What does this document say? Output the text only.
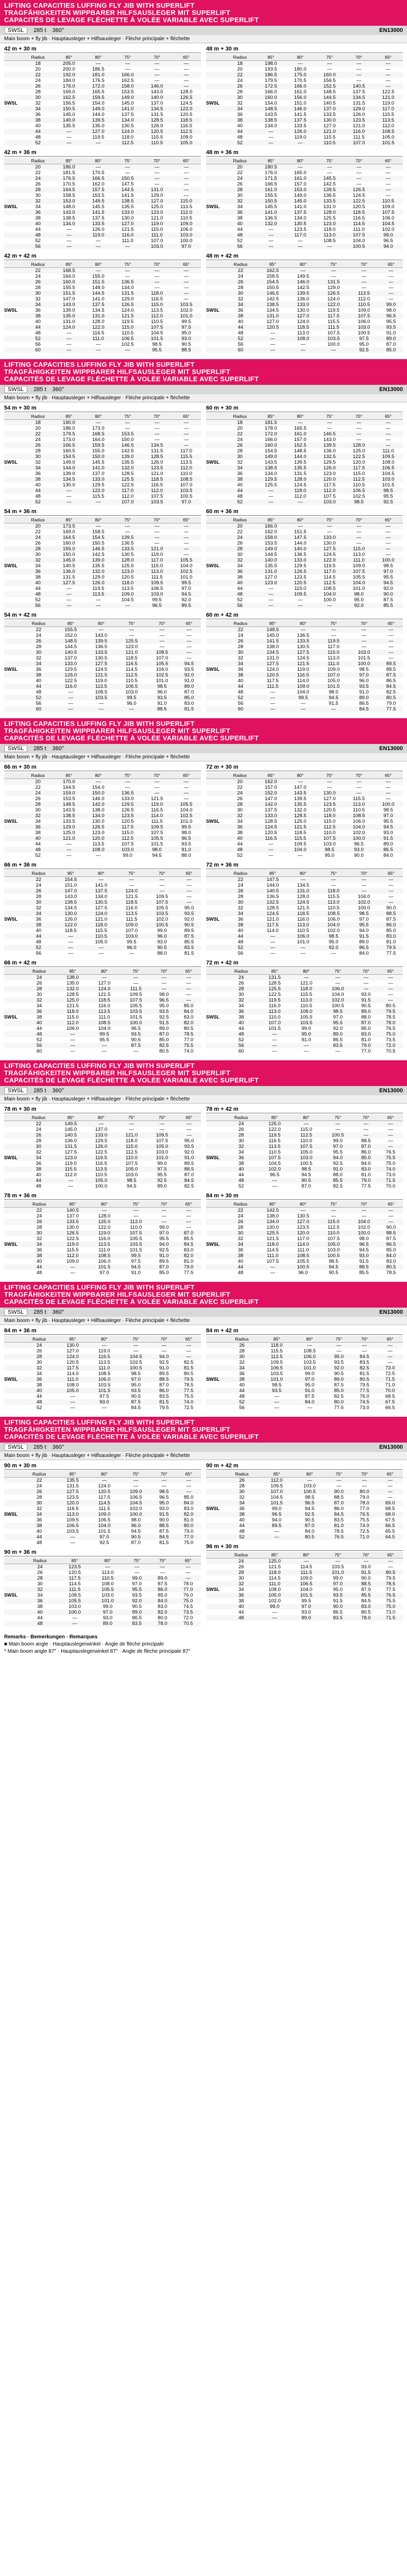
LIFTING CAPACITIES LUFFING FLY JIB WITH SUPERLIFT
TRAGFÄHIGKEITEN WIPPBARER HILFSAUSLEGER MIT SUPERLIFT
CAPACITÉS DE LEVAGE FLÉCHETTE À VOLÉE VARIABLE AVEC SUPERLIFT
SWSL	285 t 360°	EN13000
Main boom + fly jib · Hauptausleger + Hilfsausleger · Flèche principale + fléchette
42 m + 30 m
	Radius	85°	80°	75°	70°	65°
	18	205.0	—	—	—	—
	20	200.0	186.5	—	—	—
	22	192.0	181.0	166.0	—	—
	24	184.0	176.5	162.5	—	—
	26	176.0	172.0	158.0	146.0	—
	28	169.0	165.5	153.5	143.0	128.0
	30	162.5	159.5	149.0	140.0	126.5
SWSL	32	156.5	154.0	145.0	137.0	124.5
	34	150.5	149.0	141.0	134.5	122.0
	36	145.0	144.0	137.5	131.5	120.5
	38	140.0	139.5	134.0	128.5	118.5
	40	135.5	135.0	130.5	126.0	116.5
	44	—	127.0	124.0	120.5	112.5
	48	—	119.5	118.0	115.5	109.0
	52	—	—	112.5	110.5	105.0
42 m + 36 m
	Radius	85°	80°	75°	70°	65°
	20	186.0	—	—	—	—
	22	181.5	170.5	—	—	—
	24	176.5	166.5	150.5	—	—
	26	170.5	162.0	147.5	—	—
	28	164.5	157.5	144.5	131.0	—
	30	158.5	153.5	141.5	129.0	—
	32	153.0	149.5	138.5	127.0	115.0
SWSL	34	148.0	145.5	135.5	125.0	113.5
	36	143.0	141.5	133.0	123.0	112.0
	38	138.5	137.5	130.0	121.0	110.5
	40	134.0	133.5	127.0	119.0	109.0
	44	—	126.0	121.5	115.0	106.0
	48	—	119.0	116.0	111.0	103.0
	52	—	—	111.0	107.0	100.0
	56	—	—	—	103.0	97.0
42 m + 42 m
	Radius	85°	80°	75°	70°	65°
	22	168.5	—	—	—	—
	24	164.0	155.0	—	—	—
	26	160.0	151.5	136.5	—	—
	28	155.5	148.0	134.0	—	—
	30	151.5	144.5	131.5	118.0	—
	32	147.0	141.0	129.0	116.5	—
	34	143.0	137.5	126.5	115.0	103.5
SWSL	36	139.0	134.5	124.0	113.5	102.0
	38	135.0	131.0	121.5	112.0	101.0
	40	131.0	128.0	119.5	110.5	99.5
	44	124.0	122.0	115.0	107.5	97.5
	48	—	116.5	110.5	104.5	95.0
	52	—	111.0	106.5	101.5	93.0
	56	—	—	102.5	98.5	90.5
	60	—	—	—	95.5	88.5
48 m + 30 m
	Radius	85°	80°	75°	70°	65°
	18	198.0	—	—	—	—
	20	193.5	180.0	—	—	—
	22	186.5	175.0	160.0	—	—
	24	179.5	170.5	156.5	—	—
	26	172.5	166.0	152.5	140.5	—
	28	166.0	161.0	148.5	137.5	122.5
	30	160.0	156.0	144.5	134.5	121.0
SWSL	32	154.0	151.0	140.5	131.5	119.0
	34	148.5	146.0	137.0	129.0	117.0
	36	143.5	141.5	133.5	126.0	115.5
	38	138.5	137.5	130.0	123.5	113.5
	40	134.0	133.5	127.0	121.0	112.0
	44	—	126.0	121.0	116.0	108.5
	48	—	119.0	115.5	111.5	105.0
	52	—	—	110.5	107.0	101.5
48 m + 36 m
	Radius	85°	80°	75°	70°	65°
	20	180.5	—	—	—	—
	22	176.0	165.0	—	—	—
	24	171.5	161.0	145.5	—	—
	26	166.5	157.0	142.5	—	—
	28	161.0	153.0	139.5	126.5	—
	30	155.5	149.0	136.5	124.5	—
	32	150.5	145.0	133.5	122.5	110.5
SWSL	34	145.5	141.0	131.0	120.5	109.0
	36	141.0	137.5	128.0	118.5	107.5
	38	136.5	134.0	125.5	116.5	106.0
	40	132.0	130.5	123.0	114.5	104.5
	44	—	123.5	118.0	111.0	102.0
	48	—	117.0	113.0	107.5	99.0
	52	—	—	108.5	104.0	96.5
	56	—	—	—	100.5	94.0
48 m + 42 m
	Radius	85°	80°	75°	70°	65°
	22	162.5	—	—	—	—
	24	158.5	149.5	—	—	—
	26	154.5	146.0	131.5	—	—
	28	150.5	142.5	129.0	—	—
	30	146.5	139.5	126.5	113.5	—
	32	142.5	136.0	124.0	112.0	—
	34	138.5	133.0	122.0	110.5	99.0
SWSL	36	134.5	130.0	119.5	109.0	98.0
	38	131.0	127.0	117.5	107.5	96.5
	40	127.0	124.0	115.5	106.0	95.5
	44	120.5	118.5	111.5	103.0	93.5
	48	—	113.0	107.5	100.5	91.0
	52	—	108.0	103.5	97.5	89.0
	56	—	—	100.0	95.0	87.0
	60	—	—	—	92.5	85.0
LIFTING CAPACITIES LUFFING FLY JIB WITH SUPERLIFT
TRAGFÄHIGKEITEN WIPPBARER HILFSAUSLEGER MIT SUPERLIFT
CAPACITÉS DE LEVAGE FLÉCHETTE À VOLÉE VARIABLE AVEC SUPERLIFT
SWSL	285 t 360°	EN13000
Main boom + fly jib · Hauptausleger + Hilfsausleger · Flèche principale + fléchette
54 m + 30 m
	Radius	85°	80°	75°	70°	65°
	18	190.0	—	—	—	—
	20	186.0	173.0	—	—	—
	22	179.5	168.5	153.5	—	—
	24	173.0	164.0	150.0	—	—
	26	166.5	159.5	146.5	134.5	—
	28	160.5	155.0	142.5	131.5	117.0
	30	154.5	150.0	139.0	128.5	115.5
SWSL	32	149.0	145.5	135.5	126.0	113.5
	34	144.0	141.0	132.0	123.5	112.0
	36	139.0	137.0	128.5	121.0	110.0
	38	134.5	133.0	125.5	118.5	108.5
	40	130.0	129.5	122.5	116.5	107.0
	44	—	122.0	117.0	112.0	103.5
	48	—	115.5	112.0	107.5	100.5
	52	—	—	107.0	103.5	97.0
54 m + 36 m
	Radius	85°	80°	75°	70°	65°
	20	173.5	—	—	—	—
	22	169.0	158.5	—	—	—
	24	164.5	154.5	139.5	—	—
	26	160.0	150.5	136.5	—	—
	28	155.0	146.5	133.5	121.0	—
	30	150.0	142.5	130.5	119.0	—
	32	145.0	139.0	128.0	117.0	105.5
SWSL	34	140.5	135.5	125.5	115.0	104.0
	36	136.0	132.0	123.0	113.0	102.5
	38	131.5	129.0	120.5	111.5	101.0
	40	127.5	126.0	118.0	109.5	99.5
	44	—	119.5	113.5	106.5	97.0
	48	—	113.5	109.0	103.0	94.5
	52	—	—	104.5	99.5	92.0
	56	—	—	—	96.5	89.5
54 m + 42 m
	Radius	85°	80°	75°	70°	65°
	22	155.5	—	—	—	—
	24	152.0	143.0	—	—	—
	26	148.5	139.5	125.5	—	—
	28	144.5	136.5	123.0	—	—
	30	140.5	133.5	121.0	108.5	—
	32	137.0	130.5	118.5	107.0	—
	34	133.0	127.5	116.5	105.5	94.5
SWSL	36	129.5	124.5	114.5	104.0	93.5
	38	126.0	121.5	112.5	102.5	92.0
	40	122.5	119.0	110.5	101.0	91.0
	44	116.0	113.5	106.5	98.5	89.0
	48	—	108.5	103.0	96.0	87.0
	52	—	103.5	99.5	93.5	85.0
	56	—	—	96.0	91.0	83.0
	60	—	—	—	88.5	81.5
60 m + 30 m
	Radius	85°	80°	75°	70°	65°
	18	181.5	—	—	—	—
	20	178.0	165.5	—	—	—
	22	172.0	161.0	146.5	—	—
	24	166.0	157.0	143.0	—	—
	26	160.0	152.5	139.5	128.0	—
	28	154.5	148.5	136.0	125.0	111.0
	30	149.0	144.0	132.5	122.5	109.5
SWSL	32	143.5	139.5	129.5	120.0	108.0
	34	138.5	135.5	126.0	117.5	106.5
	36	134.0	131.5	123.0	115.0	104.5
	38	129.5	128.0	120.0	112.5	103.0
	40	125.5	124.5	117.5	110.5	101.5
	44	—	118.0	112.0	106.5	98.5
	48	—	112.0	107.5	102.5	95.5
	52	—	—	103.0	98.5	92.5
60 m + 36 m
	Radius	85°	80°	75°	70°	65°
	20	166.0	—	—	—	—
	22	162.0	151.5	—	—	—
	24	158.0	147.5	133.0	—	—
	26	153.5	144.0	130.0	—	—
	28	149.0	140.0	127.5	115.0	—
	30	144.5	136.5	124.5	113.0	—
	32	140.0	133.0	122.0	111.0	100.0
SWSL	34	135.5	129.5	119.5	109.0	98.5
	36	131.0	126.5	117.0	107.5	97.0
	38	127.0	123.5	114.5	105.5	95.5
	40	123.0	120.5	112.5	104.0	94.5
	44	—	115.0	108.5	101.0	92.0
	48	—	109.5	104.0	98.0	90.0
	52	—	—	100.0	95.0	87.5
	56	—	—	—	92.0	85.5
60 m + 42 m
	Radius	85°	80°	75°	70°	65°
	22	148.5	—	—	—	—
	24	145.0	136.5	—	—	—
	26	141.5	133.5	119.5	—	—
	28	138.0	130.5	117.0	—	—
	30	134.5	127.5	115.0	103.0	—
	32	131.0	124.5	113.0	101.5	—
	34	127.5	121.5	111.0	100.0	89.5
SWSL	36	124.0	119.0	109.0	98.5	88.5
	38	120.5	116.5	107.0	97.0	87.5
	40	117.5	114.0	105.0	96.0	86.5
	44	111.5	109.0	101.5	93.5	84.5
	48	—	104.0	98.0	91.0	82.5
	52	—	99.5	94.5	89.0	80.5
	56	—	—	91.5	86.5	79.0
	60	—	—	—	84.5	77.5
LIFTING CAPACITIES LUFFING FLY JIB WITH SUPERLIFT
TRAGFÄHIGKEITEN WIPPBARER HILFSAUSLEGER MIT SUPERLIFT
CAPACITÉS DE LEVAGE FLÉCHETTE À VOLÉE VARIABLE AVEC SUPERLIFT
SWSL	285 t 360°	EN13000
Main boom + fly jib · Hauptausleger + Hilfsausleger · Flèche principale + fléchette
66 m + 30 m
	Radius	85°	80°	75°	70°	65°
	20	170.0	—	—	—	—
	22	164.5	154.0	—	—	—
	24	159.0	150.0	136.5	—	—
	26	153.5	146.0	133.0	121.5	—
	28	148.5	142.0	129.5	119.0	105.5
	30	143.5	138.0	126.5	116.5	104.0
	32	138.5	134.0	123.5	114.0	102.5
SWSL	34	133.5	130.0	120.5	111.5	101.0
	36	129.0	126.5	117.5	109.5	99.5
	38	125.0	123.0	115.0	107.5	98.0
	40	121.0	120.0	112.5	105.5	96.5
	44	—	113.5	107.5	101.5	93.5
	48	—	108.0	103.0	98.0	91.0
	52	—	—	99.0	94.5	88.0
66 m + 36 m
	Radius	85°	80°	75°	70°	65°
	22	154.5	—	—	—	—
	24	151.0	141.0	—	—	—
	26	147.0	137.5	124.0	—	—
	28	143.0	134.0	121.5	109.5	—
	30	138.5	130.5	118.5	107.5	—
	32	134.5	127.5	116.0	105.5	95.0
	34	130.0	124.0	113.5	103.5	93.5
SWSL	36	126.0	121.0	111.5	102.0	92.0
	38	122.0	118.0	109.0	100.5	90.5
	40	118.5	115.5	107.0	99.0	89.5
	44	—	110.5	103.0	96.0	87.5
	48	—	105.0	99.5	93.0	85.5
	52	—	—	96.0	90.5	83.5
	56	—	—	—	88.0	81.5
66 m + 42 m
	Radius	85°	80°	75°	70°	65°
	24	138.0	—	—	—	—
	26	135.0	127.0	—	—	—
	28	132.0	124.0	111.5	—	—
	30	128.5	121.5	109.5	98.0	—
	32	125.0	118.5	107.5	96.5	—
	34	121.5	116.0	105.5	95.0	85.0
	36	118.0	113.5	103.5	93.5	84.0
SWSL	38	115.0	111.0	101.5	92.5	83.0
	40	112.0	108.5	100.0	91.5	82.0
	44	106.0	104.0	96.5	89.0	80.5
	48	—	99.5	93.5	87.0	78.5
	52	—	95.5	90.5	85.0	77.0
	56	—	—	87.5	82.5	75.5
	60	—	—	—	80.5	74.0
72 m + 30 m
	Radius	85°	80°	75°	70°	65°
	20	162.0	—	—	—	—
	22	157.0	147.0	—	—	—
	24	152.0	143.5	130.0	—	—
	26	147.0	139.5	127.0	115.5	—
	28	142.0	135.5	123.5	113.0	100.0
	30	137.5	132.0	120.5	110.5	98.5
	32	133.0	128.5	118.0	108.5	97.0
SWSL	34	128.5	125.0	115.0	106.0	95.5
	36	124.5	121.5	112.5	104.0	94.5
	38	120.5	118.5	110.0	102.0	93.0
	40	116.5	115.5	107.5	100.0	91.5
	44	—	109.5	103.0	96.5	89.0
	48	—	104.0	98.5	93.0	86.5
	52	—	—	95.0	90.0	84.0
72 m + 36 m
	Radius	85°	80°	75°	70°	65°
	22	147.5	—	—	—	—
	24	144.0	134.5	—	—	—
	26	140.5	131.0	118.0	—	—
	28	136.5	128.0	115.5	104.0	—
	30	132.5	124.5	113.0	102.0	—
	32	128.5	121.5	110.5	100.0	90.0
	34	124.5	118.5	108.5	98.5	88.5
SWSL	36	121.0	116.0	106.0	97.0	87.5
	38	117.5	113.0	104.0	95.5	86.0
	40	114.0	110.5	102.0	94.0	85.0
	44	—	106.0	98.5	91.5	83.0
	48	—	101.0	95.0	89.0	81.0
	52	—	—	92.0	86.5	79.5
	56	—	—	—	84.0	77.5
72 m + 42 m
	Radius	85°	80°	75°	70°	65°
	24	131.5	—	—	—	—
	26	128.5	121.0	—	—	—
	28	125.5	118.0	106.0	—	—
	30	122.5	115.5	104.0	93.0	—
	32	119.5	113.0	102.0	91.5	—
	34	116.0	110.5	100.5	90.5	80.5
	36	113.0	108.0	98.5	89.0	79.5
SWSL	38	110.0	105.5	97.0	88.0	78.5
	40	107.0	103.5	95.5	87.0	78.0
	44	101.5	99.0	92.0	85.0	76.5
	48	—	95.0	89.0	83.0	75.0
	52	—	91.0	86.5	81.0	73.5
	56	—	—	83.5	79.0	72.0
	60	—	—	—	77.0	70.5
LIFTING CAPACITIES LUFFING FLY JIB WITH SUPERLIFT
TRAGFÄHIGKEITEN WIPPBARER HILFSAUSLEGER MIT SUPERLIFT
CAPACITÉS DE LEVAGE FLÉCHETTE À VOLÉE VARIABLE AVEC SUPERLIFT
SWSL	285 t 360°	EN13000
Main boom + fly jib · Hauptausleger + Hilfsausleger · Flèche principale + fléchette
78 m + 30 m
	Radius	85°	80°	75°	70°	65°
	22	149.5	—	—	—	—
	24	145.0	137.0	—	—	—
	26	140.5	133.0	121.0	109.5	—
	28	136.0	129.5	118.0	107.5	95.0
	30	131.5	126.0	115.0	105.0	93.5
	32	127.5	122.5	112.5	103.0	92.0
SWSL	34	123.0	119.5	110.0	101.0	91.0
	36	119.0	116.5	107.5	99.0	89.5
	38	115.5	113.5	105.0	97.5	88.5
	40	112.0	110.5	103.0	95.5	87.0
	44	—	105.0	98.5	92.5	84.5
	48	—	100.0	94.5	89.0	82.5
78 m + 36 m
	Radius	85°	80°	75°	70°	65°
	22	140.5	—	—	—	—
	24	137.0	128.0	—	—	—
	26	133.5	125.0	112.0	—	—
	28	130.0	122.0	110.0	99.0	—
	30	126.5	119.0	107.5	97.0	87.0
	32	122.5	116.0	105.5	95.5	85.5
SWSL	34	119.0	113.5	103.5	94.0	84.5
	36	115.5	111.0	101.5	92.5	83.0
	38	112.0	108.5	99.5	91.0	82.0
	40	109.0	106.0	97.5	89.5	81.0
	44	—	101.5	94.5	87.0	79.0
	48	—	97.0	91.0	85.0	77.5
78 m + 42 m
	Radius	85°	80°	75°	70°	65°
	24	125.0	—	—	—	—
	26	122.0	115.0	—	—	—
	28	119.5	112.5	100.5	—	—
	30	116.5	110.0	99.0	88.5	—
	32	113.5	107.5	97.0	87.0	—
	34	110.5	105.0	95.5	86.0	76.5
SWSL	36	107.5	103.0	94.0	85.0	75.5
	38	104.5	100.5	92.5	84.0	75.0
	40	102.0	98.5	91.0	83.0	74.0
	44	96.5	94.5	88.0	81.0	73.0
	48	—	90.5	85.5	79.0	71.5
	52	—	87.0	82.5	77.5	70.0
84 m + 30 m
	Radius	85°	80°	75°	70°	65°
	22	142.5	—	—	—	—
	24	138.0	130.5	—	—	—
	26	134.0	127.0	115.0	104.0	—
	28	130.0	123.5	112.5	102.0	90.0
	30	125.5	120.0	110.0	100.0	88.5
	32	121.5	117.0	107.5	98.0	87.5
SWSL	34	118.0	114.0	105.0	96.5	86.5
	36	114.5	111.0	103.0	94.5	85.0
	38	111.0	108.5	100.5	93.0	84.0
	40	107.5	105.5	98.5	91.5	83.0
	44	—	100.5	94.5	88.5	80.5
	48	—	96.0	90.5	85.5	78.5
LIFTING CAPACITIES LUFFING FLY JIB WITH SUPERLIFT
TRAGFÄHIGKEITEN WIPPBARER HILFSAUSLEGER MIT SUPERLIFT
CAPACITÉS DE LEVAGE FLÉCHETTE À VOLÉE VARIABLE AVEC SUPERLIFT
SWSL	285 t 360°	EN13000
Main boom + fly jib · Hauptausleger + Hilfsausleger · Flèche principale + fléchette
84 m + 36 m
	Radius	85°	80°	75°	70°	65°
	24	130.0	—	—	—	—
	26	127.0	119.0	—	—	—
	28	124.0	116.5	104.5	94.0	—
	30	120.5	113.5	102.5	92.5	82.5
	32	117.5	111.0	100.5	91.0	81.5
	34	114.0	108.5	98.5	89.5	80.5
SWSL	36	111.0	106.0	97.0	88.5	79.5
	38	108.0	103.5	95.0	87.0	78.5
	40	105.0	101.5	93.5	86.0	77.5
	44	—	97.5	90.5	83.5	75.5
	48	—	93.0	87.5	81.5	74.0
	52	—	—	84.5	79.5	72.5
84 m + 42 m
	Radius	85°	80°	75°	70°	65°
	26	118.0	—	—	—	—
	28	115.5	108.5	—	—	—
	30	112.5	106.0	95.0	84.5	—
	32	109.5	103.5	93.5	83.5	—
	34	106.5	101.0	92.0	82.5	73.0
	36	103.5	99.0	90.5	81.5	72.5
SWSL	38	101.0	97.0	89.0	80.5	71.5
	40	98.5	95.0	87.5	79.5	71.0
	44	93.5	91.0	85.0	77.5	70.0
	48	—	87.5	82.5	76.0	68.5
	52	—	84.0	80.0	74.5	67.5
	56	—	—	77.5	73.0	66.5
LIFTING CAPACITIES LUFFING FLY JIB WITH SUPERLIFT
TRAGFÄHIGKEITEN WIPPBARER HILFSAUSLEGER MIT SUPERLIFT
CAPACITÉS DE LEVAGE FLÉCHETTE À VOLÉE VARIABLE AVEC SUPERLIFT
SWSL	285 t 360°	EN13000
Main boom + fly jib · Hauptausleger + Hilfsausleger · Flèche principale + fléchette
90 m + 30 m
	Radius	85°	80°	75°	70°	65°
	22	135.5	—	—	—	—
	24	131.5	124.0	—	—	—
	26	127.5	120.5	109.0	98.5	—
	28	123.5	117.5	106.5	96.5	85.0
	30	120.0	114.5	104.5	95.0	84.0
	32	116.5	111.5	102.0	93.0	83.0
SWSL	34	113.0	109.0	100.0	91.5	82.0
	36	109.5	106.5	98.0	90.0	81.0
	38	106.5	104.0	96.0	88.5	80.0
	40	103.5	101.5	94.5	87.5	79.0
	44	—	97.0	90.5	84.5	77.0
	48	—	92.5	87.0	81.5	75.0
90 m + 36 m
	Radius	85°	80°	75°	70°	65°
	24	123.5	—	—	—	—
	26	120.5	113.0	—	—	—
	28	117.5	110.5	99.0	89.0	—
	30	114.5	108.0	97.0	87.5	78.0
	32	111.5	105.5	95.5	86.0	77.0
SWSL	34	108.5	103.0	93.5	85.0	76.0
	36	105.5	101.0	92.0	84.0	75.0
	38	103.0	99.0	90.5	83.0	74.5
	40	100.0	97.0	89.0	82.0	73.5
	44	—	93.0	86.5	80.0	72.0
	48	—	89.0	83.5	78.0	70.5
90 m + 42 m
	Radius	85°	80°	75°	70°	65°
	26	112.0	—	—	—	—
	28	109.5	103.0	—	—	—
	30	107.0	100.5	90.0	80.0	—
	32	104.5	98.5	88.5	79.0	—
	34	101.5	96.5	87.0	78.0	69.0
SWSL	36	99.0	94.5	86.0	77.0	68.5
	38	96.5	92.5	84.5	76.5	68.0
	40	94.0	90.5	83.5	75.5	67.5
	44	89.5	87.0	81.0	74.0	66.5
	48	—	84.0	78.5	72.5	65.5
	52	—	80.5	76.5	71.0	64.5
96 m + 30 m
	Radius	85°	80°	75°	70°	65°
	24	125.0	—	—	—	—
	26	121.5	114.5	103.5	93.0	—
	28	118.0	111.5	101.0	91.5	80.5
	30	114.5	109.0	99.0	90.0	79.5
	32	111.0	106.5	97.0	88.5	78.5
SWSL	34	108.0	104.0	95.0	87.0	77.5
	36	105.0	101.5	93.5	85.5	76.5
	38	102.0	99.5	91.5	84.5	75.5
	40	99.0	97.0	90.0	83.0	75.0
	44	—	93.0	86.5	80.5	73.0
	48	—	89.0	83.5	78.0	71.5
Remarks · Bemerkungen · Remarques
■ Main boom angle · Hauptauslegerwinkel · Angle de flèche principale
* Main boom angle 87° · Hauptauslegerwinkel 87° · Angle de flèche principale 87°
